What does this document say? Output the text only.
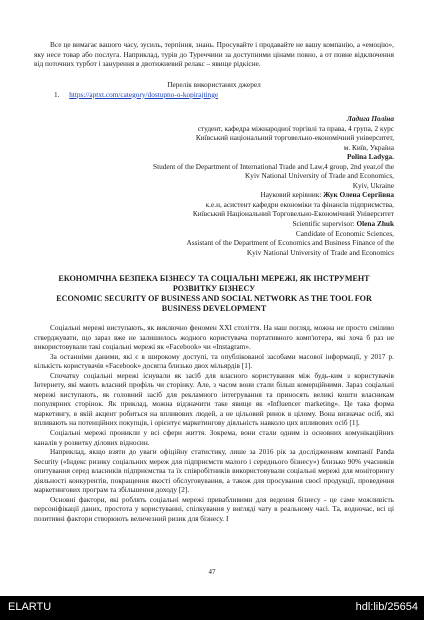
Все це вимагає вашого часу, зусиль, терпіння, знань. Просувайте і продавайте не вашу компанію, а «емоцію», яку несе товар або послуга. Наприклад, турів до Туреччини за доступними цінами повно, а от повне відключення від поточних турбот і занурення в двотижневий релакс – явище рідкісне.

Перелік використаних джерел

1. https://aptxt.com/category/dostupno-o-kopirajtinge

Ладига Поліна

студент, кафедра міжнародної торгівлі та права, 4 група, 2 курс

Київський національний торговельно-економічний університет,

м. Київ, Україна

Polina Ladyga.

Student of the Department of International Trade and Law,4 group, 2nd year,of the

Kyiv National University of Trade and Economics,

Kyiv, Ukraine

Науковий керівник: Жук Олена Сергіївна

к.е.н, асистент кафедри економіки та фінансів підприємства,

Київський Національний Торговельно-Економічний Університет

Scientific supervisor: Olena Zhuk

Candidate of Economic Sciences,

Assistant of the Department of Economics and Business Finance of the

Kyiv National University of Trade and Economics

ЕКОНОМІЧНА БЕЗПЕКА БІЗНЕСУ ТА СОЦІАЛЬНІ МЕРЕЖІ, ЯК ІНСТРУМЕНТ

РОЗВИТКУ БІЗНЕСУ

ECONOMIC SECURITY OF BUSINESS AND SOCIAL NETWORK AS THE TOOL FOR

BUSINESS DEVELOPMENT

Соціальні мережі виступають, як виключно феномен ХХІ століття. На наш погляд, можна не просто сміливо стверджувати, що зараз вже не залишилось жодного користувача портативного комп'ютера, які хоча б раз не використовували такі соціальні мережі як «Facebook» чи «Instagram».

За останніми даними, які є в широкому доступі, та опублікованої засобами масової інформації, у 2017 р. кількість користувачів «Facebook» досягла близько двох мільярдів [1].

Спочатку соціальні мережі існували як засіб для власного користування між будь-ким з користувачів Інтернету, які мають власний профіль чи сторінку. Але, з часом вони стали більш комерційними. Зараз соціальні мережі виступають, як головний засіб для рекламного інтегрування та приносять великі кошти власникам популярних сторінок. Як приклад, можна відзначити таке явище як «Influencer marketing». Це така форма маркетингу, в якій акцент робиться на впливових людей, а не цільовий ринок в цілому. Вона визначає осіб, які впливають на потенційних покупців, і орієнтує маркетингову діяльність навколо цих впливових осіб [1].

Соціальні мережі проникли у всі сфери життя. Зокрема, вони стали одним із основних комунікаційних каналів у розвитку ділових відносин.

Наприклад, якщо взяти до уваги офіційну статистику, лише за 2016 рік за дослідженням компанії Panda Security («Індекс ризику соціальних мереж для підприємств малого і середнього бізнесу») близько 90% учасників опитування серед власників підприємства та їх співробітників використовували соціальні мережі для моніторингу діяльності конкурентів, покращення якості обслуговування, а також для просування своєї продукції, проведення маркетингових програм та збільшення доходу [2].

Основні фактори, які роблять соціальні мережі привабливими для ведення бізнесу - це саме можливість персоніфікації даних, простота у користуванні, спілкування у вигляді чату в реальному часі. Та, водночас, всі ці позитивні фактори створюють величезний ризик для бізнесу. І

47
ELARTU	hdl:lib/25654
